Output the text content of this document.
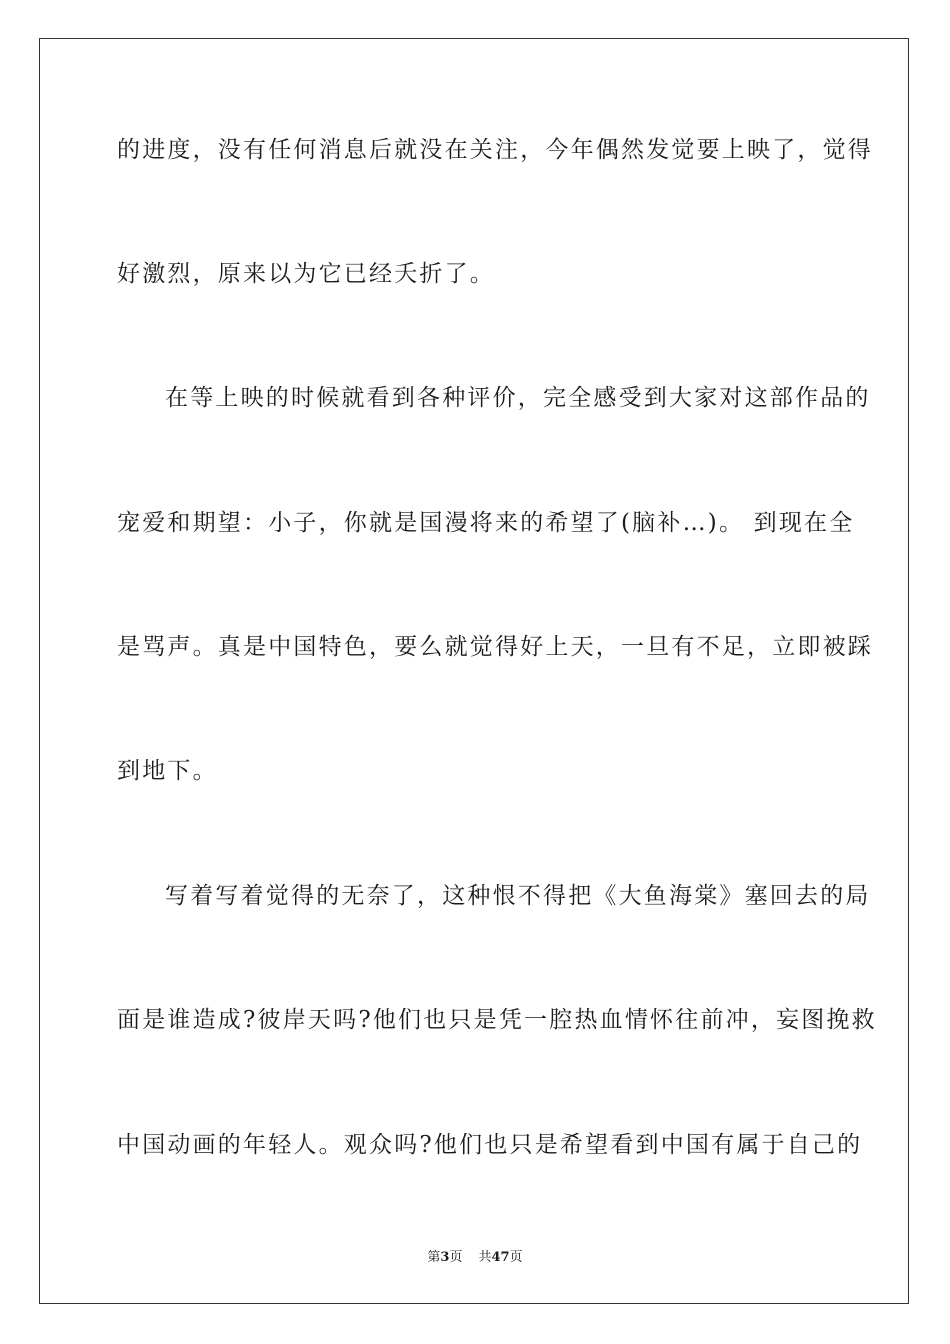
的进度，没有任何消息后就没在关注，今年偶然发觉要上映了，觉得
好激烈，原来以为它已经夭折了。
在等上映的时候就看到各种评价，完全感受到大家对这部作品的
宠爱和期望：小子，你就是国漫将来的希望了(脑补…)。 到现在全
是骂声。真是中国特色，要么就觉得好上天，一旦有不足，立即被踩
到地下。
写着写着觉得的无奈了，这种恨不得把《大鱼海棠》塞回去的局
面是谁造成?彼岸天吗?他们也只是凭一腔热血情怀往前冲，妄图挽救
中国动画的年轻人。观众吗?他们也只是希望看到中国有属于自己的
第3页 共47页
